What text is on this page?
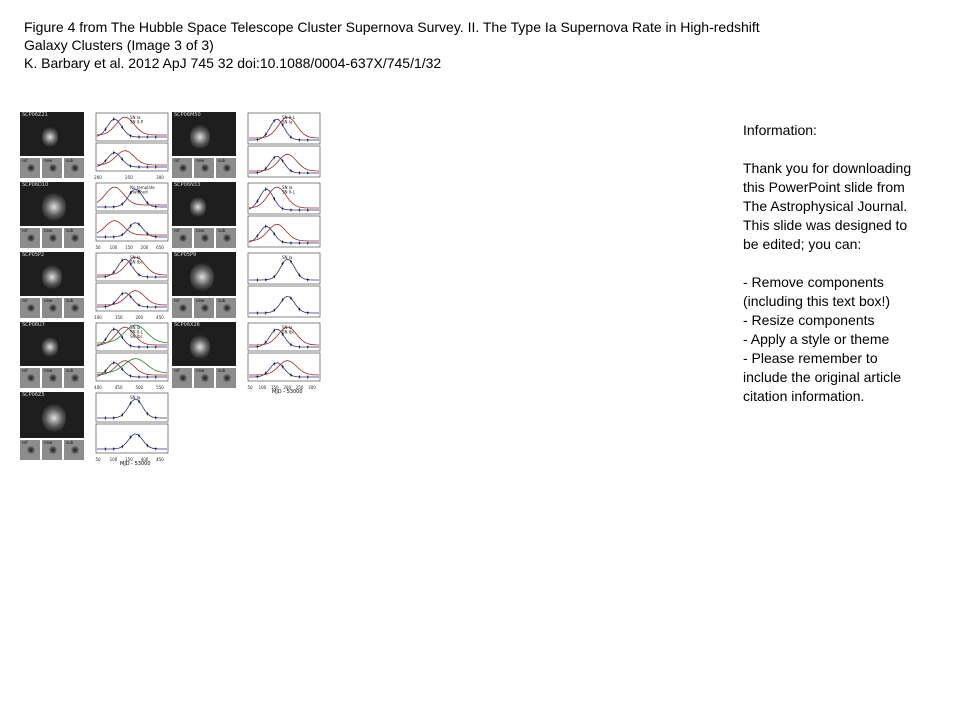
Figure 4 from The Hubble Space Telescope Cluster Supernova Survey. II. The Type Ia Supernova Rate in High-redshift
Galaxy Clusters (Image 3 of 3)
K. Barbary et al. 2012 ApJ 745 32 doi:10.1088/0004-637X/745/1/32
SCP06Z21
ref	new	sub
SN Ia
SN II-P
200	250	300
SCP06M50
ref	new	sub
SN II-L
SN Ia
SCP06D10
ref	new	sub
No template
matched
50 100 150 200 650
SCP06N33
ref	new	sub
SN Ia
SN II-L
SCP05P2
ref	new	sub
SN Ia
SN Ibc
100	150	200	450
SCP05P9
ref	new	sub
SN Ia
SCP06U7
ref	new	sub
SN Ia
SN II-L
SN Ibc
400	450	500	550
SCP06X26
ref	new	sub
SN Ia
SN Ibc
50 100 150 200 250 300
MJD - 53000
SCP06Z5
ref	new	sub
SN Ia
50 100 150 400 450
MJD - 53000

Information:

Thank you for downloading this PowerPoint slide from The Astrophysical Journal. This slide was designed to be edited; you can:

- Remove components (including this text box!)

- Resize components

- Apply a style or theme

- Please remember to include the original article citation information.
